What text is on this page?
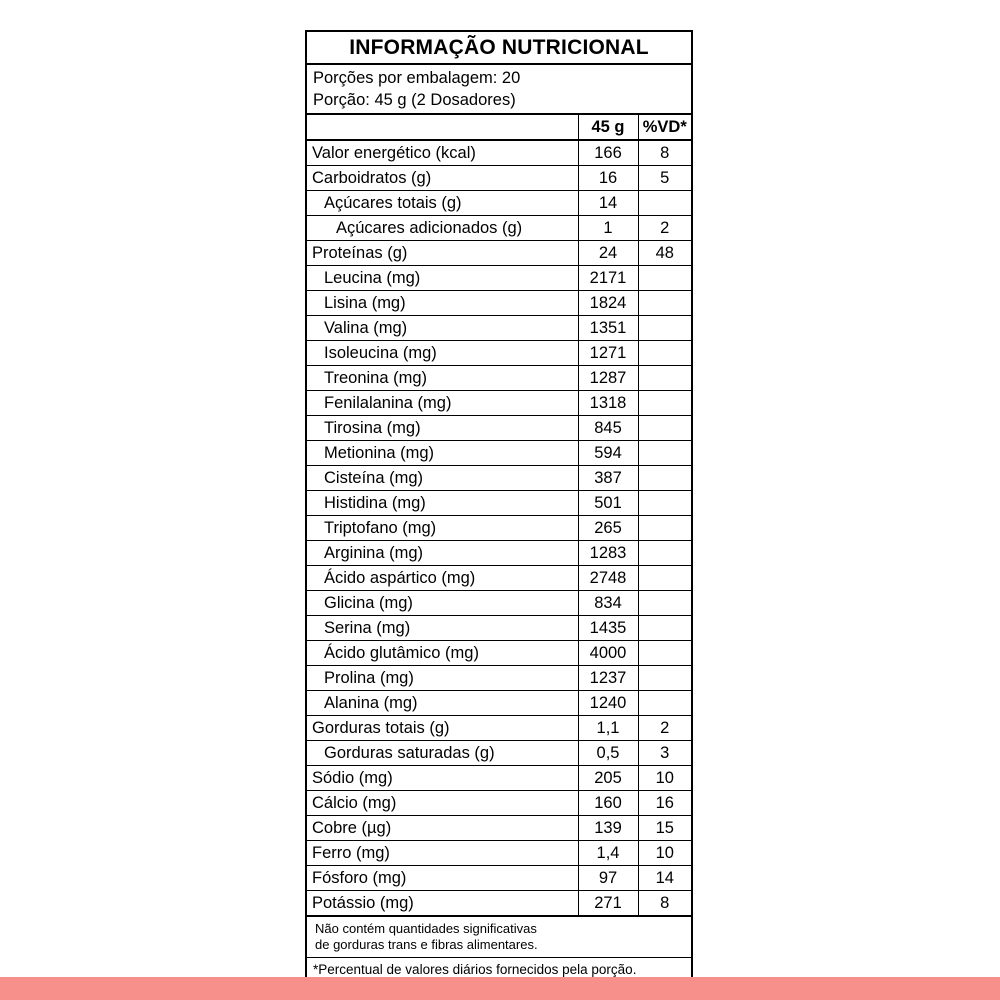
INFORMAÇÃO NUTRICIONAL		

Porções por embalagem: 20
Porção: 45 g (2 Dosadores)		

	45 g	%VD*
Valor energético (kcal)	166	8
Carboidratos (g)	16	5
Açúcares totais (g)	14	
Açúcares adicionados (g)	1	2
Proteínas (g)	24	48
Leucina (mg)	2171	
Lisina (mg)	1824	
Valina (mg)	1351	
Isoleucina (mg)	1271	
Treonina (mg)	1287	
Fenilalanina (mg)	1318	
Tirosina (mg)	845	
Metionina (mg)	594	
Cisteína (mg)	387	
Histidina (mg)	501	
Triptofano (mg)	265	
Arginina (mg)	1283	
Ácido aspártico (mg)	2748	
Glicina (mg)	834	
Serina (mg)	1435	
Ácido glutâmico (mg)	4000	
Prolina (mg)	1237	
Alanina (mg)	1240	
Gorduras totais (g)	1,1	2
Gorduras saturadas (g)	0,5	3
Sódio (mg)	205	10
Cálcio (mg)	160	16
Cobre (µg)	139	15
Ferro (mg)	1,4	10
Fósforo (mg)	97	14
Potássio (mg)	271	8

Não contém quantidades significativas
de gorduras trans e fibras alimentares.		

*Percentual de valores diários fornecidos pela porção.		
